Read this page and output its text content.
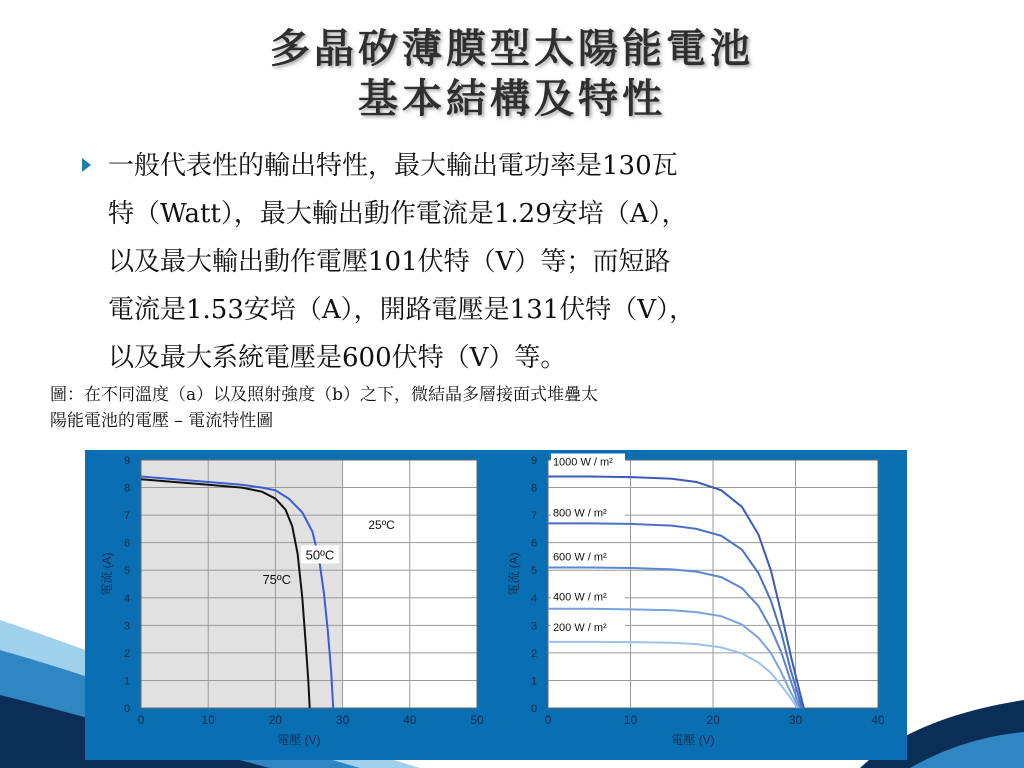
多晶矽薄膜型太陽能電池
基本結構及特性
一般代表性的輸出特性，最大輸出電功率是130瓦
特（Watt），最大輸出動作電流是1.29安培（A），
以及最大輸出動作電壓101伏特（V）等；而短路
電流是1.53安培（A），開路電壓是131伏特（V），
以及最大系統電壓是600伏特（V）等。
圖：在不同溫度（a）以及照射強度（b）之下，微結晶多層接面式堆疊太
陽能電池的電壓 – 電流特性圖
0
1
2
3
4
5
6
7
8
9
0	10	20	30	40	50
電壓 (V)
電流 (A)	75ºC
50ºC
25ºC
0
1
2
3
4
5
6
7
8
9
0	10	20	30	40
電壓 (V)
電流 (A)
1000 W / m²
800 W / m²
600 W / m²
400 W / m²
200 W / m²
